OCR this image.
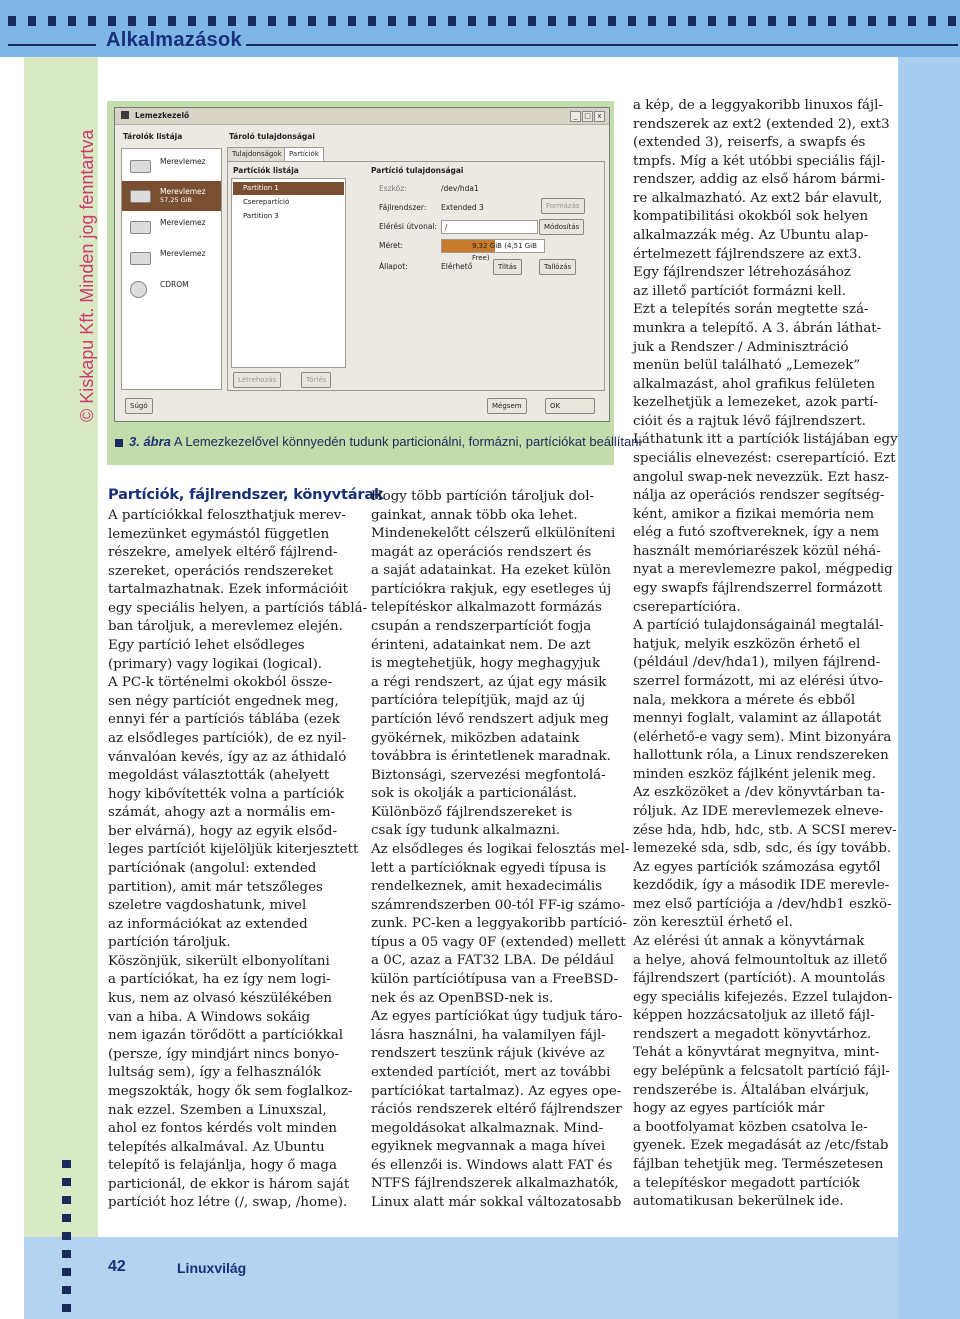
Alkalmazások
© Kiskapu Kft. Minden jog fenntartva
Lemezkezelő	_ □ x
Tárolók listája	Tároló tulajdonságai
Merevlemez
Merevlemez
57,25 GiB
Merevlemez
Merevlemez
CDROM
Tulajdonságok	Partíciók
Partíciók listája
Partition 1
Cserepartíció
Partition 3
Partíció tulajdonságai
Eszköz:	/dev/hda1
Formázás
Fájlrendszer: Extended 3
Elérési útvonal:	/	Módosítás
Méret:	9,32 GiB (4,51 GiB Free)
Állapot:	Elérhető	Tiltás	Tallózás
Létrehozás	Törlés
Súgó	Mégsem	OK
3. ábra A Lemezkezelővel könnyedén tudunk particionálni, formázni, partíciókat beállítani
Partíciók, fájlrendszer, könyvtárak

A partíciókkal feloszthatjuk merev-

lemezünket egymástól független

részekre, amelyek eltérő fájlrend-

szereket, operációs rendszereket

tartalmazhatnak. Ezek információit

egy speciális helyen, a partíciós táblá-

ban tároljuk, a merevlemez elején.

Egy partíció lehet elsődleges

(primary) vagy logikai (logical).

A PC-k történelmi okokból össze-

sen négy partíciót engednek meg,

ennyi fér a partíciós táblába (ezek

az elsődleges partíciók), de ez nyil-

vánvalóan kevés, így az az áthidaló

megoldást választották (ahelyett

hogy kibővítették volna a partíciók

számát, ahogy azt a normális em-

ber elvárná), hogy az egyik elsőd-

leges partíciót kijelöljük kiterjesztett

partíciónak (angolul: extended

partition), amit már tetszőleges

szeletre vagdoshatunk, mivel

az információkat az extended

partíción tároljuk.

Köszönjük, sikerült elbonyolítani

a partíciókat, ha ez így nem logi-

kus, nem az olvasó készülékében

van a hiba. A Windows sokáig

nem igazán törődött a partíciókkal

(persze, így mindjárt nincs bonyo-

lultság sem), így a felhasználók

megszokták, hogy ők sem foglalkoz-

nak ezzel. Szemben a Linuxszal,

ahol ez fontos kérdés volt minden

telepítés alkalmával. Az Ubuntu

telepítő is felajánlja, hogy ő maga

particionál, de ekkor is három saját

partíciót hoz létre (/, swap, /home).

Hogy több partíción tároljuk dol-

gainkat, annak több oka lehet.

Mindenekelőtt célszerű elkülöníteni

magát az operációs rendszert és

a saját adatainkat. Ha ezeket külön

partíciókra rakjuk, egy esetleges új

telepítéskor alkalmazott formázás

csupán a rendszerpartíciót fogja

érinteni, adatainkat nem. De azt

is megtehetjük, hogy meghagyjuk

a régi rendszert, az újat egy másik

partícióra telepítjük, majd az új

partíción lévő rendszert adjuk meg

gyökérnek, miközben adataink

továbbra is érintetlenek maradnak.

Biztonsági, szervezési megfontolá-

sok is okolják a particionálást.

Különböző fájlrendszereket is

csak így tudunk alkalmazni.

Az elsődleges és logikai felosztás mel-

lett a partícióknak egyedi típusa is

rendelkeznek, amit hexadecimális

számrendszerben 00-tól FF-ig számo-

zunk. PC-ken a leggyakoribb partíció-

típus a 05 vagy 0F (extended) mellett

a 0C, azaz a FAT32 LBA. De például

külön partíciótípusa van a FreeBSD-

nek és az OpenBSD-nek is.

Az egyes partíciókat úgy tudjuk táro-

lásra használni, ha valamilyen fájl-

rendszert teszünk rájuk (kivéve az

extended partíciót, mert az további

partíciókat tartalmaz). Az egyes ope-

rációs rendszerek eltérő fájlrendszer

megoldásokat alkalmaznak. Mind-

egyiknek megvannak a maga hívei

és ellenzői is. Windows alatt FAT és

NTFS fájlrendszerek alkalmazhatók,

Linux alatt már sokkal változatosabb

a kép, de a leggyakoribb linuxos fájl-

rendszerek az ext2 (extended 2), ext3

(extended 3), reiserfs, a swapfs és

tmpfs. Míg a két utóbbi speciális fájl-

rendszer, addig az első három bármi-

re alkalmazható. Az ext2 bár elavult,

kompatibilitási okokból sok helyen

alkalmazzák még. Az Ubuntu alap-

értelmezett fájlrendszere az ext3.

Egy fájlrendszer létrehozásához

az illető partíciót formázni kell.

Ezt a telepítés során megtette szá-

munkra a telepítő. A 3. ábrán láthat-

juk a Rendszer / Adminisztráció

menün belül található „Lemezek”

alkalmazást, ahol grafikus felületen

kezelhetjük a lemezeket, azok partí-

cióit és a rajtuk lévő fájlrendszert.

Láthatunk itt a partíciók listájában egy

speciális elnevezést: cserepartíció. Ezt

angolul swap-nek nevezzük. Ezt hasz-

nálja az operációs rendszer segítség-

ként, amikor a fizikai memória nem

elég a futó szoftvereknek, így a nem

használt memóriarészek közül néhá-

nyat a merevlemezre pakol, mégpedig

egy swapfs fájlrendszerrel formázott

cserepartícióra.

A partíció tulajdonságainál megtalál-

hatjuk, melyik eszközön érhető el

(például /dev/hda1), milyen fájlrend-

szerrel formázott, mi az elérési útvo-

nala, mekkora a mérete és ebből

mennyi foglalt, valamint az állapotát

(elérhető-e vagy sem). Mint bizonyára

hallottunk róla, a Linux rendszereken

minden eszköz fájlként jelenik meg.

Az eszközöket a /dev könyvtárban ta-

róljuk. Az IDE merevlemezek elneve-

zése hda, hdb, hdc, stb. A SCSI merev-

lemezeké sda, sdb, sdc, és így tovább.

Az egyes partíciók számozása egytől

kezdődik, így a második IDE merevle-

mez első partíciója a /dev/hdb1 eszkö-

zön keresztül érhető el.

Az elérési út annak a könyvtárnak

a helye, ahová felmountoltuk az illető

fájlrendszert (partíciót). A mountolás

egy speciális kifejezés. Ezzel tulajdon-

képpen hozzácsatoljuk az illető fájl-

rendszert a megadott könyvtárhoz.

Tehát a könyvtárat megnyitva, mint-

egy belépünk a felcsatolt partíció fájl-

rendszerébe is. Általában elvárjuk,

hogy az egyes partíciók már

a bootfolyamat közben csatolva le-

gyenek. Ezek megadását az /etc/fstab

fájlban tehetjük meg. Természetesen

a telepítéskor megadott partíciók

automatikusan bekerülnek ide.

42	Linuxvilág
